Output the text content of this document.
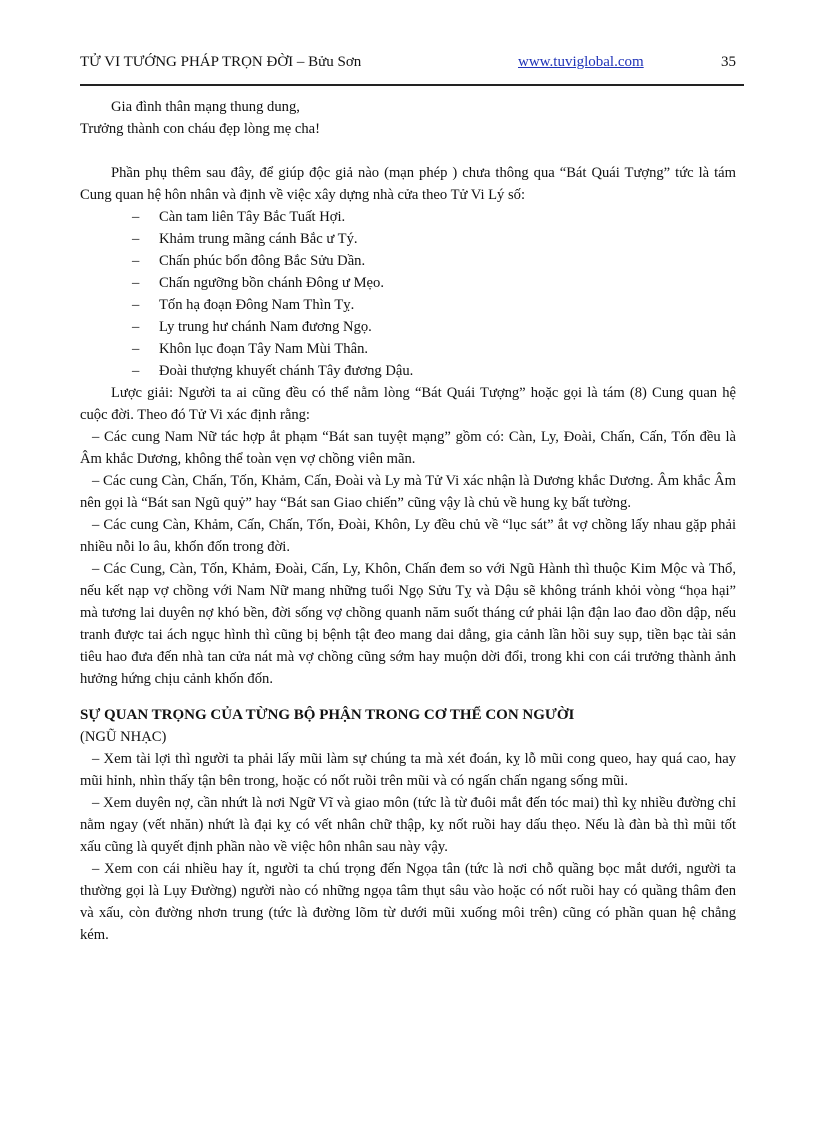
TỬ VI TƯỚNG PHÁP TRỌN ĐỜI – Bửu Sơn	www.tuviglobal.com	35

Gia đình thân mạng thung dung,

Trưởng thành con cháu đẹp lòng mẹ cha!

Phần phụ thêm sau đây, để giúp độc giả nào (mạn phép ) chưa thông qua “Bát Quái Tượng” tức là tám Cung quan hệ hôn nhân và định về việc xây dựng nhà cửa theo Tử Vi Lý số:

– Càn tam liên Tây Bắc Tuất Hợi.
– Khảm trung mãng cánh Bắc ư Tý.
– Chấn phúc bổn đông Bắc Sửu Dần.
– Chấn ngưỡng bồn chánh Đông ư Mẹo.
– Tốn hạ đoạn Đông Nam Thìn Tỵ.
– Ly trung hư chánh Nam đương Ngọ.
– Khôn lục đoạn Tây Nam Mùi Thân.
– Đoài thượng khuyết chánh Tây đương Dậu.

Lược giải: Người ta ai cũng đều có thể nằm lòng “Bát Quái Tượng” hoặc gọi là tám (8) Cung quan hệ cuộc đời. Theo đó Tử Vi xác định rằng:

– Các cung Nam Nữ tác hợp ắt phạm “Bát san tuyệt mạng” gồm có: Càn, Ly, Đoài, Chấn, Cấn, Tốn đều là Âm khắc Dương, không thể toàn vẹn vợ chồng viên mãn.

– Các cung Càn, Chấn, Tốn, Khảm, Cấn, Đoài và Ly mà Tử Vi xác nhận là Dương khắc Dương. Âm khắc Âm nên gọi là “Bát san Ngũ quỷ” hay “Bát san Giao chiến” cũng vậy là chủ về hung kỵ bất tường.

– Các cung Càn, Khảm, Cấn, Chấn, Tốn, Đoài, Khôn, Ly đều chủ về “lục sát” ắt vợ chồng lấy nhau gặp phải nhiều nỗi lo âu, khốn đốn trong đời.

– Các Cung, Càn, Tốn, Khảm, Đoài, Cấn, Ly, Khôn, Chấn đem so với Ngũ Hành thì thuộc Kim Mộc và Thổ, nếu kết nạp vợ chồng với Nam Nữ mang những tuổi Ngọ Sửu Tỵ và Dậu sẽ không tránh khỏi vòng “họa hại” mà tương lai duyên nợ khó bền, đời sống vợ chồng quanh năm suốt tháng cứ phải lận đận lao đao dồn dập, nếu tranh được tai ách ngục hình thì cũng bị bệnh tật đeo mang dai dẳng, gia cảnh lần hồi suy sụp, tiền bạc tài sản tiêu hao đưa đến nhà tan cửa nát mà vợ chồng cũng sớm hay muộn dời đổi, trong khi con cái trưởng thành ảnh hưởng hứng chịu cảnh khốn đốn.

SỰ QUAN TRỌNG CỦA TỪNG BỘ PHẬN TRONG CƠ THỂ CON NGƯỜI

(NGŨ NHẠC)

– Xem tài lợi thì người ta phải lấy mũi làm sự chúng ta mà xét đoán, kỵ lỗ mũi cong queo, hay quá cao, hay mũi hỉnh, nhìn thấy tận bên trong, hoặc có nốt ruồi trên mũi và có ngấn chấn ngang sống mũi.

– Xem duyên nợ, cần nhứt là nơi Ngữ Vĩ và giao môn (tức là từ đuôi mắt đến tóc mai) thì kỵ nhiều đường chỉ nằm ngay (vết nhăn) nhứt là đại kỵ có vết nhân chữ thập, kỵ nốt ruồi hay dấu thẹo. Nếu là đàn bà thì mũi tốt xấu cũng là quyết định phần nào về việc hôn nhân sau này vậy.

– Xem con cái nhiều hay ít, người ta chú trọng đến Ngọa tân (tức là nơi chỗ quầng bọc mắt dưới, người ta thường gọi là Lụy Đường) người nào có những ngọa tâm thụt sâu vào hoặc có nốt ruồi hay có quầng thâm đen và xấu, còn đường nhơn trung (tức là đường lõm từ dưới mũi xuống môi trên) cũng có phần quan hệ chẳng kém.
